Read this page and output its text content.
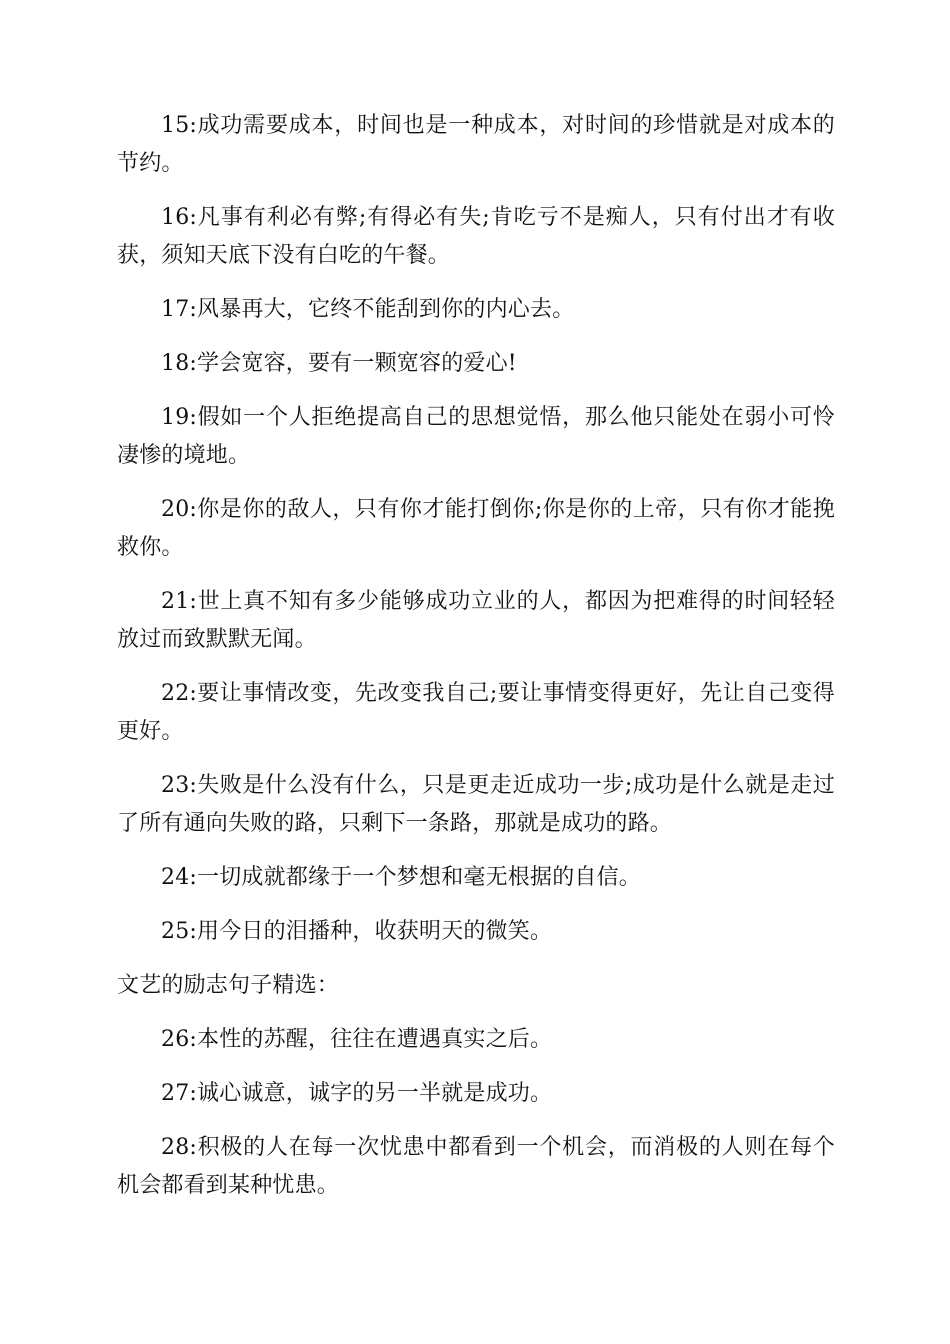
15:成功需要成本，时间也是一种成本，对时间的珍惜就是对成本的节约。

16:凡事有利必有弊;有得必有失;肯吃亏不是痴人，只有付出才有收获，须知天底下没有白吃的午餐。

17:风暴再大，它终不能刮到你的内心去。

18:学会宽容，要有一颗宽容的爱心!

19:假如一个人拒绝提高自己的思想觉悟，那么他只能处在弱小可怜凄惨的境地。

20:你是你的敌人，只有你才能打倒你;你是你的上帝，只有你才能挽救你。

21:世上真不知有多少能够成功立业的人，都因为把难得的时间轻轻放过而致默默无闻。

22:要让事情改变，先改变我自己;要让事情变得更好，先让自己变得更好。

23:失败是什么没有什么，只是更走近成功一步;成功是什么就是走过了所有通向失败的路，只剩下一条路，那就是成功的路。

24:一切成就都缘于一个梦想和毫无根据的自信。

25:用今日的泪播种，收获明天的微笑。

文艺的励志句子精选：

26:本性的苏醒，往往在遭遇真实之后。

27:诚心诚意，诚字的另一半就是成功。

28:积极的人在每一次忧患中都看到一个机会，而消极的人则在每个机会都看到某种忧患。
